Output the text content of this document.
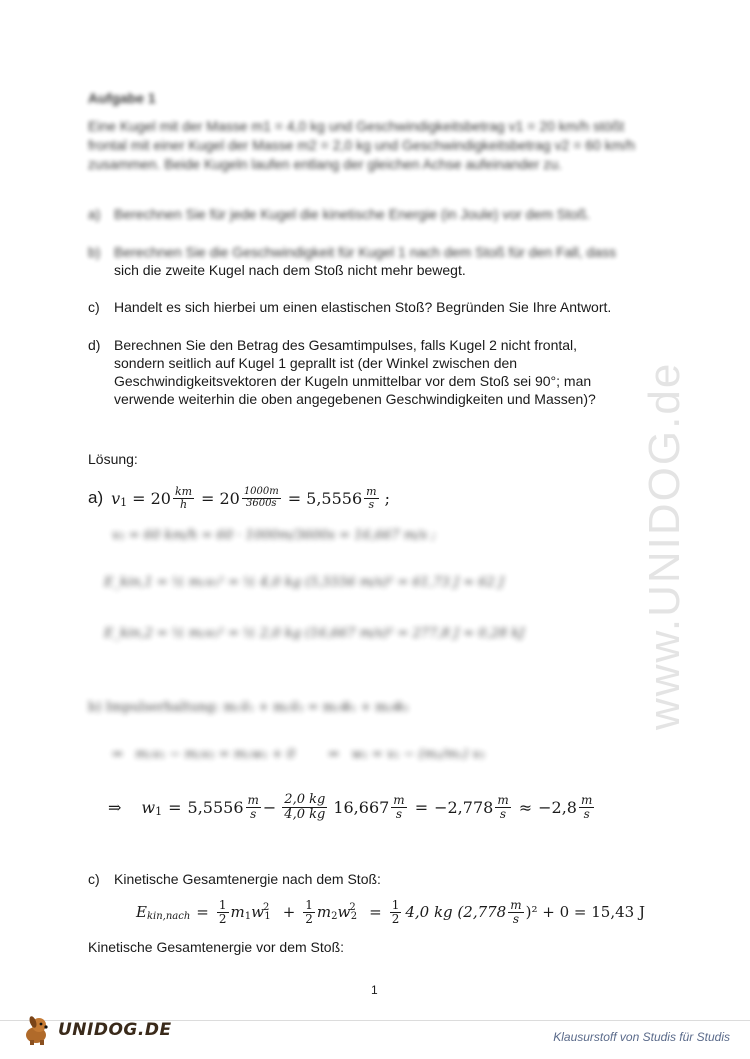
www.UNIDOG.de
Aufgabe 1
Eine Kugel mit der Masse m1 = 4,0 kg und Geschwindigkeitsbetrag v1 = 20 km/h stößt frontal mit einer Kugel der Masse m2 = 2,0 kg und Geschwindigkeitsbetrag v2 = 60 km/h zusammen. Beide Kugeln laufen entlang der gleichen Achse aufeinander zu.
a) Berechnen Sie für jede Kugel die kinetische Energie (in Joule) vor dem Stoß.
b) Berechnen Sie die Geschwindigkeit für Kugel 1 nach dem Stoß für den Fall, dass
sich die zweite Kugel nach dem Stoß nicht mehr bewegt.
c) Handelt es sich hierbei um einen elastischen Stoß? Begründen Sie Ihre Antwort.
d) Berechnen Sie den Betrag des Gesamtimpulses, falls Kugel 2 nicht frontal,
sondern seitlich auf Kugel 1 geprallt ist (der Winkel zwischen den
Geschwindigkeitsvektoren der Kugeln unmittelbar vor dem Stoß sei 90°; man
verwende weiterhin die oben angegebenen Geschwindigkeiten und Massen)?
Lösung:
a) v $1 = 20 \frac{km}{h} = 20 \frac{1000m}{3600s} = 5,5556 \frac{m}{s}$ ;
v₂ = 60 km/h = 60 · 1000m/3600s = 16,667 m/s ;
E_kin,1 = ½ m₁v₁² = ½ 4,0 kg (5,5556 m/s)² = 61,73 J ≈ 62 J
E_kin,2 = ½ m₂v₂² = ½ 2,0 kg (16,667 m/s)² = 277,8 J ≈ 0,28 kJ
b) Impulserhaltung: m₁v⃗₁ + m₂v⃗₂ = m₁w⃗₁ + m₂w⃗₂
⇒   m₁v₁ − m₂v₂ = m₁w₁ + 0        ⇒   w₁ = v₁ − (m₂/m₁) v₂
⇒ w $1 = 5,5556 \frac{m}{s} - \frac{2,0 kg}{4,0 kg} 16,667 \frac{m}{s} = -2,778 \frac{m}{s} \approx -2,8 \frac{m}{s}$
c) Kinetische Gesamtenergie nach dem Stoß:
E kin,nach = $\frac{1}{2}$ m 1 w 2
$1 + \frac{1}{2}$ m 2 w 2
$2 = \frac{1}{2} 4,0$ kg $(2,778 \frac{m}{s} )^2 + 0 = 15,43$ J
Kinetische Gesamtenergie vor dem Stoß:
1
UNIDOG.DE	Klausurstoff von Studis für Studis
